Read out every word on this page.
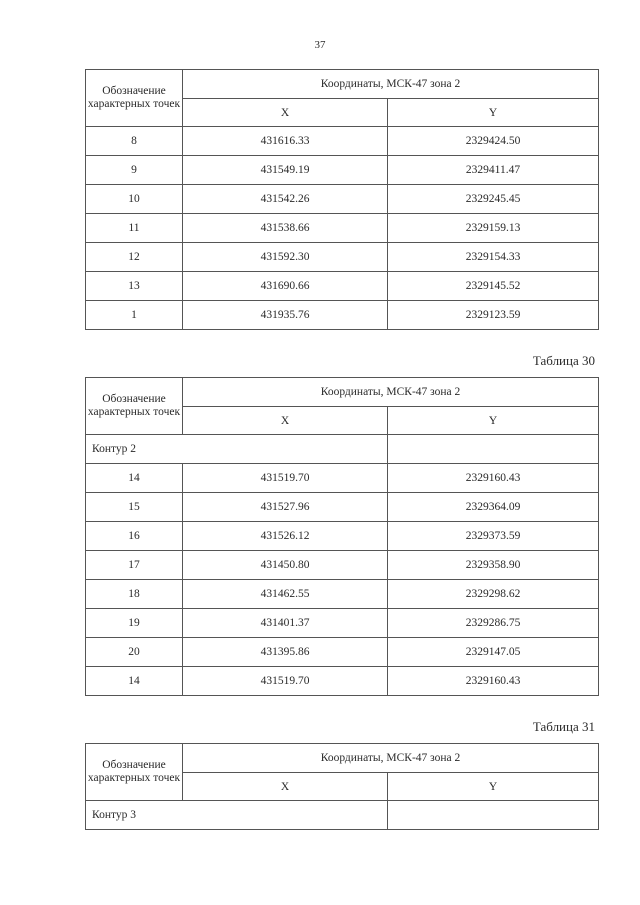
37
Обозначение характерных точек	Координаты, МСК-47 зона 2	
	X	Y
8	431616.33	2329424.50
9	431549.19	2329411.47
10	431542.26	2329245.45
11	431538.66	2329159.13
12	431592.30	2329154.33
13	431690.66	2329145.52
1	431935.76	2329123.59
Таблица 30
Обозначение характерных точек	Координаты, МСК-47 зона 2	
	X	Y
Контур 2		
14	431519.70	2329160.43
15	431527.96	2329364.09
16	431526.12	2329373.59
17	431450.80	2329358.90
18	431462.55	2329298.62
19	431401.37	2329286.75
20	431395.86	2329147.05
14	431519.70	2329160.43
Таблица 31
Обозначение характерных точек	Координаты, МСК-47 зона 2	
	X	Y
Контур 3		
